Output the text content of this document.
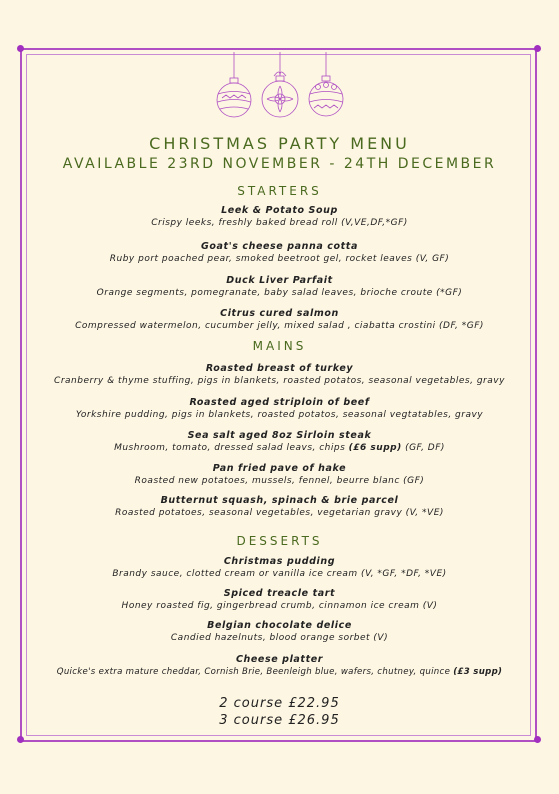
CHRISTMAS PARTY MENU
AVAILABLE 23RD NOVEMBER - 24TH DECEMBER
STARTERS
Leek & Potato Soup
Crispy leeks, freshly baked bread roll (V,VE,DF,*GF)
Goat's cheese panna cotta
Ruby port poached pear, smoked beetroot gel, rocket leaves (V, GF)
Duck Liver Parfait
Orange segments, pomegranate, baby salad leaves, brioche croute (*GF)
Citrus cured salmon
Compressed watermelon, cucumber jelly, mixed salad , ciabatta crostini (DF, *GF)
MAINS
Roasted breast of turkey
Cranberry & thyme stuffing, pigs in blankets, roasted potatos, seasonal vegetables, gravy
Roasted aged striploin of beef
Yorkshire pudding, pigs in blankets, roasted potatos, seasonal vegtatables, gravy
Sea salt aged 8oz Sirloin steak
Mushroom, tomato, dressed salad leavs, chips (£6 supp) (GF, DF)
Pan fried pave of hake
Roasted new potatoes, mussels, fennel, beurre blanc (GF)
Butternut squash, spinach & brie parcel
Roasted potatoes, seasonal vegetables, vegetarian gravy (V, *VE)
DESSERTS
Christmas pudding
Brandy sauce, clotted cream or vanilla ice cream (V, *GF, *DF, *VE)
Spiced treacle tart
Honey roasted fig, gingerbread crumb, cinnamon ice cream (V)
Belgian chocolate delice
Candied hazelnuts, blood orange sorbet (V)
Cheese platter
Quicke's extra mature cheddar, Cornish Brie, Beenleigh blue, wafers, chutney, quince (£3 supp)
2 course £22.95
3 course £26.95
